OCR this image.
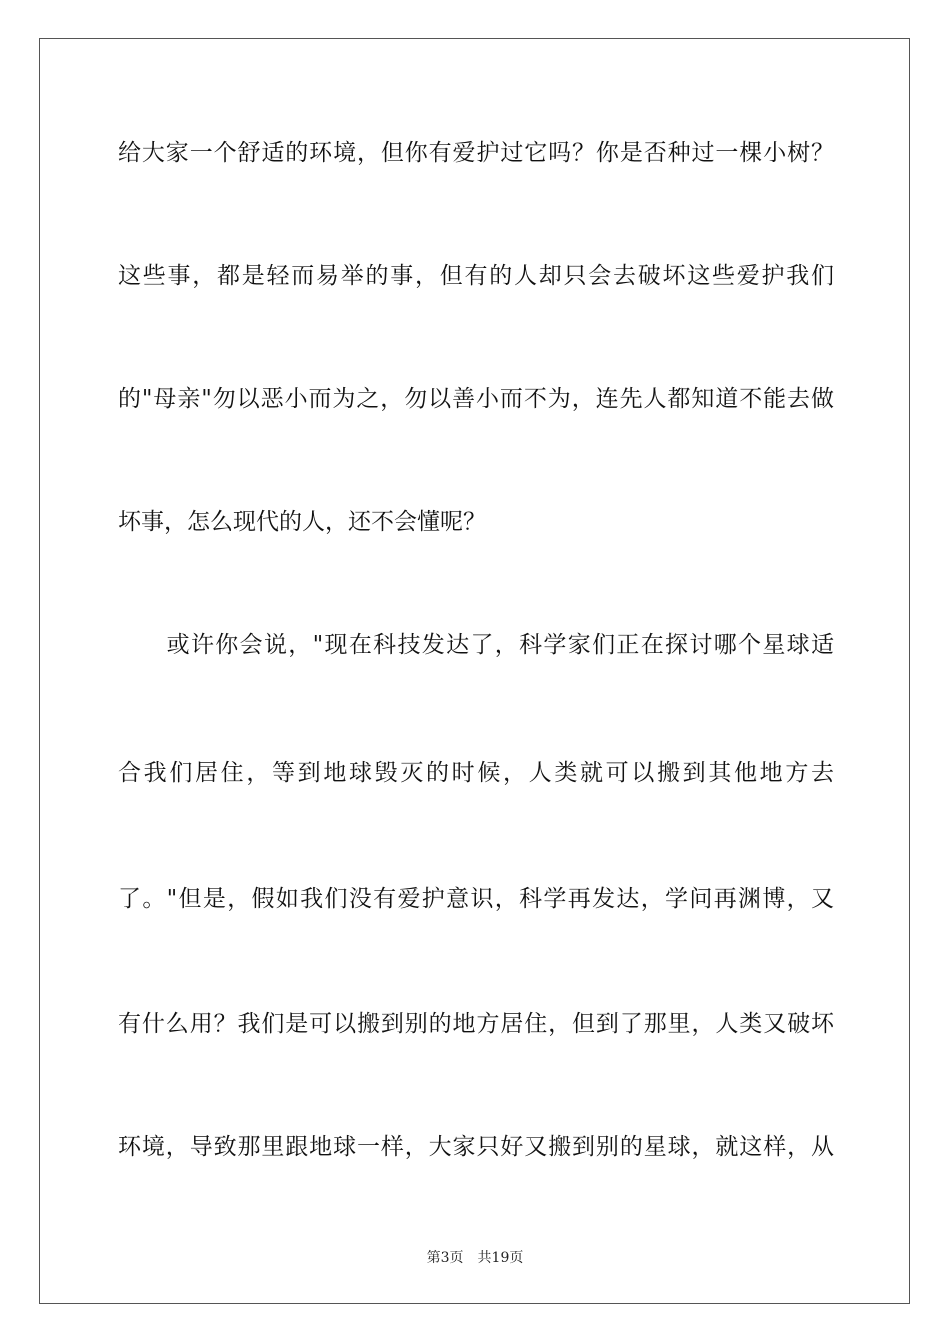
给大家一个舒适的环境，但你有爱护过它吗？你是否种过一棵小树？
这些事，都是轻而易举的事，但有的人却只会去破坏这些爱护我们
的"母亲"勿以恶小而为之，勿以善小而不为，连先人都知道不能去做
坏事，怎么现代的人，还不会懂呢？
　　或许你会说，"现在科技发达了，科学家们正在探讨哪个星球适
合我们居住，等到地球毁灭的时候，人类就可以搬到其他地方去
了。"但是，假如我们没有爱护意识，科学再发达，学问再渊博，又
有什么用？我们是可以搬到别的地方居住，但到了那里，人类又破坏
环境，导致那里跟地球一样，大家只好又搬到别的星球，就这样，从
第3页 共19页
